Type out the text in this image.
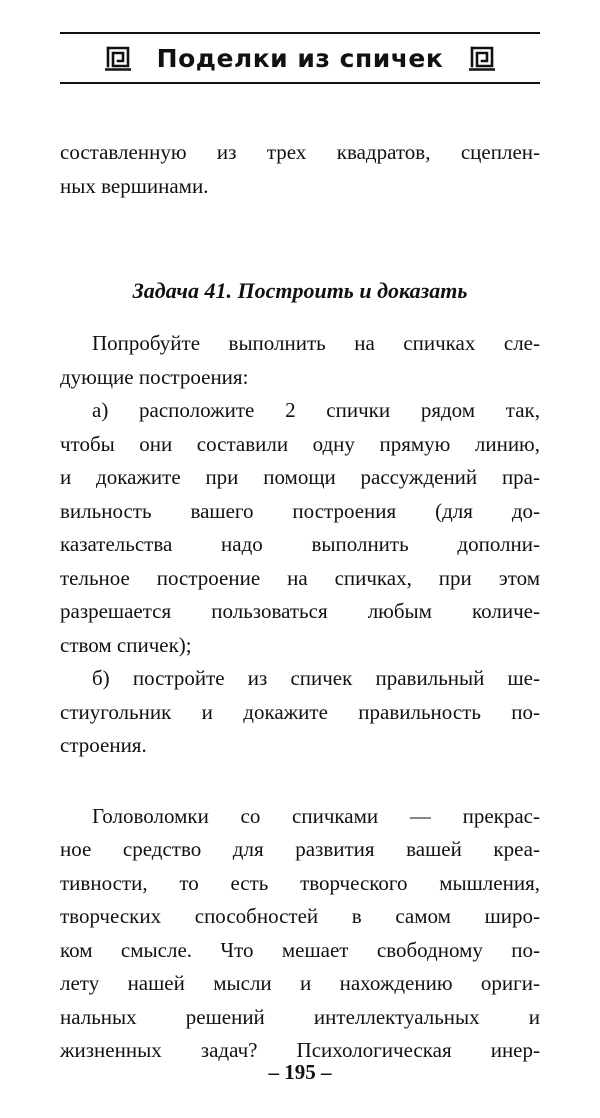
Поделки из спичек

составленную из трех квадратов, сцеплен-
ных вершинами.

Задача 41. Построить и доказать

Попробуйте выполнить на спичках сле-
дующие построения:

а) расположите 2 спички рядом так,
чтобы они составили одну прямую линию,
и докажите при помощи рассуждений пра-
вильность вашего построения (для до-
казательства надо выполнить дополни-
тельное построение на спичках, при этом
разрешается пользоваться любым количе-
ством спичек);

б) постройте из спичек правильный ше-
стиугольник и докажите правильность по-
строения.

Головоломки со спичками — прекрас-
ное средство для развития вашей креа-
тивности, то есть творческого мышления,
творческих способностей в самом широ-
ком смысле. Что мешает свободному по-
лету нашей мысли и нахождению ориги-
нальных решений интеллектуальных и
жизненных задач? Психологическая инер-

– 195 –
